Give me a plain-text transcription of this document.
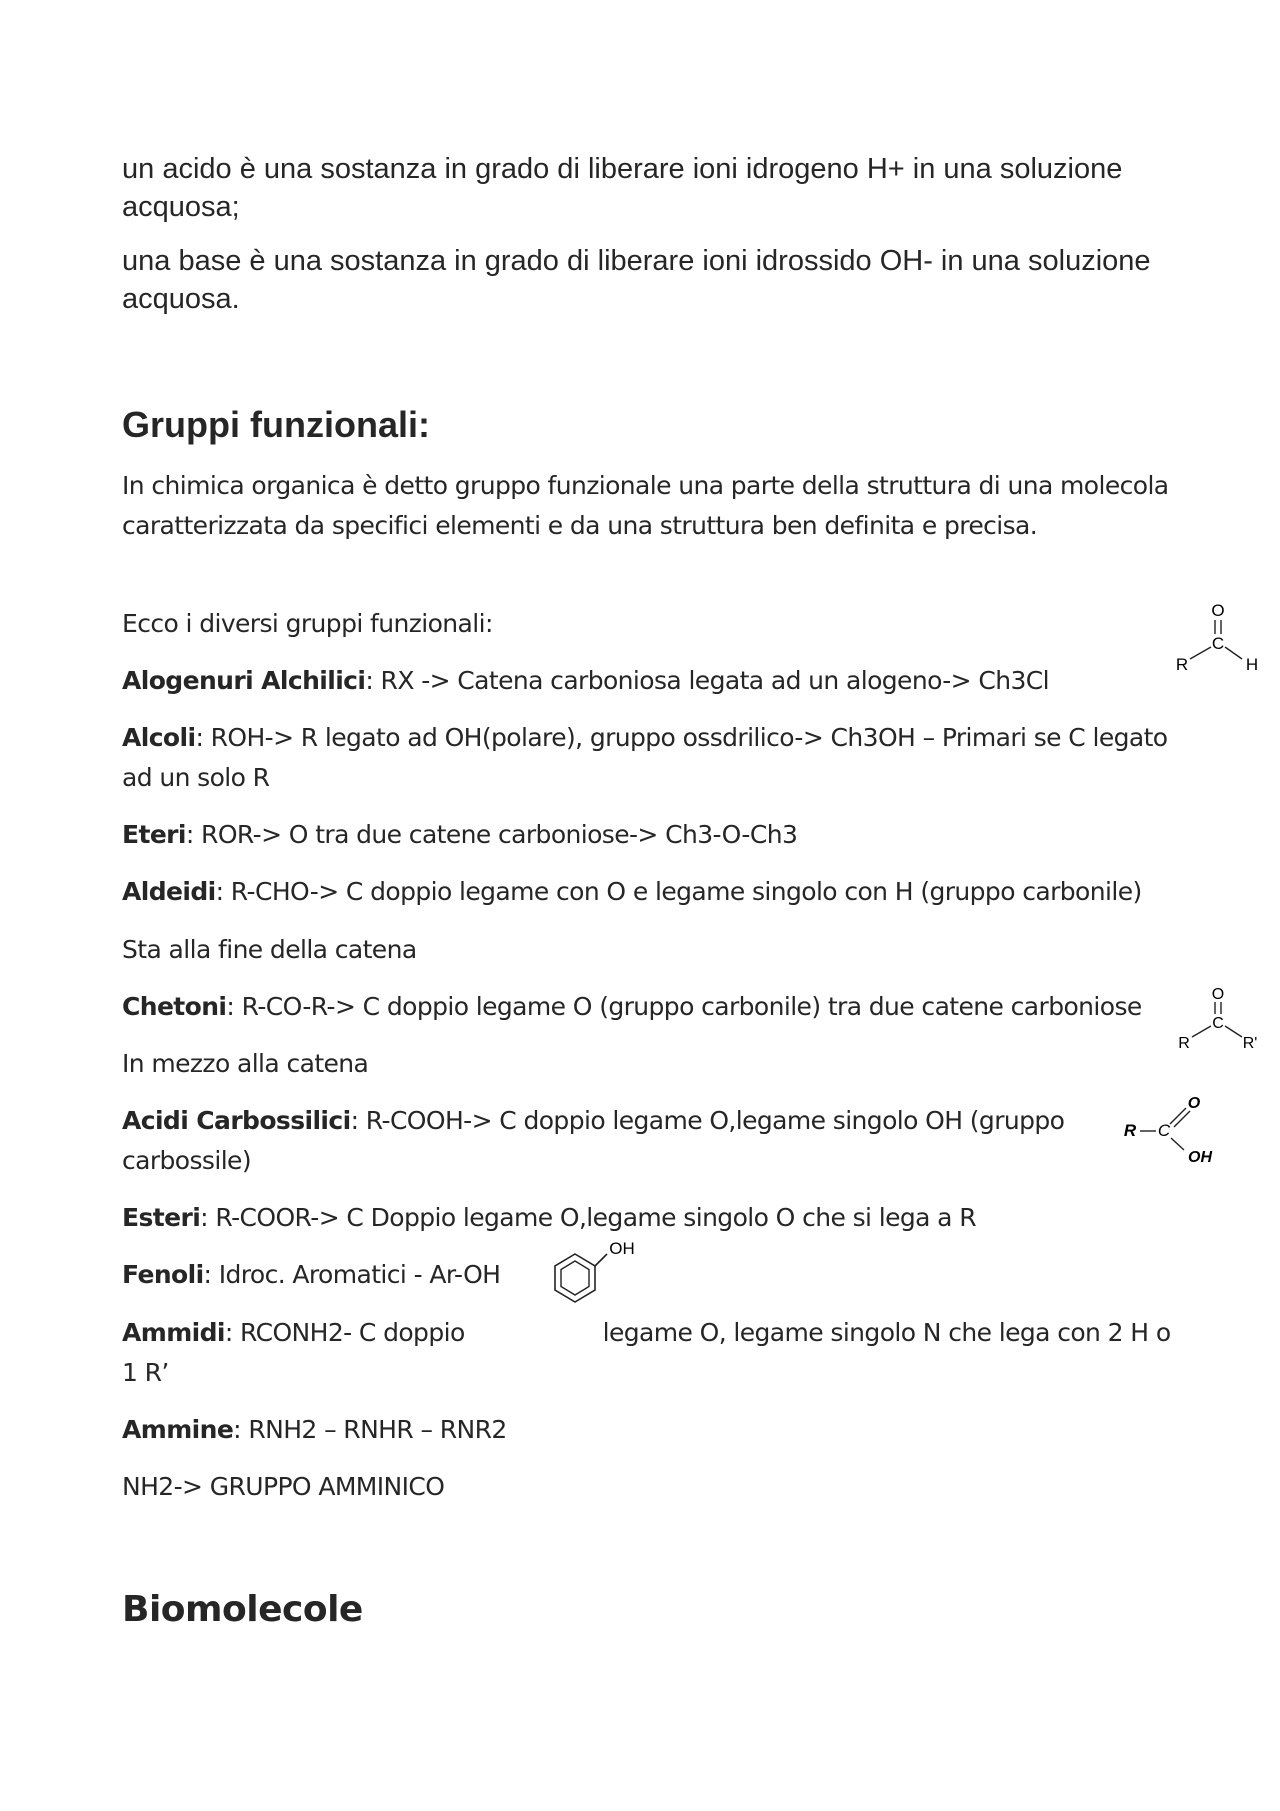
un acido è una sostanza in grado di liberare ioni idrogeno H+ in una soluzione acquosa;

una base è una sostanza in grado di liberare ioni idrossido OH- in una soluzione acquosa.

Gruppi funzionali:

In chimica organica è detto gruppo funzionale una parte della struttura di una molecola caratterizzata da specifici elementi e da una struttura ben definita e precisa.

Ecco i diversi gruppi funzionali:

Alogenuri Alchilici: RX -> Catena carboniosa legata ad un alogeno-> Ch3Cl

Alcoli: ROH-> R legato ad OH(polare), gruppo ossdrilico-> Ch3OH – Primari se C legato ad un solo R

Eteri: ROR-> O tra due catene carboniose-> Ch3-O-Ch3

Aldeidi: R-CHO-> C doppio legame con O e legame singolo con H (gruppo carbonile)

Sta alla fine della catena

Chetoni: R-CO-R-> C doppio legame O (gruppo carbonile) tra due catene carboniose

In mezzo alla catena

Acidi Carbossilici: R-COOH-> C doppio legame O,legame singolo OH (gruppo carbossile)

Esteri: R-COOR-> C Doppio legame O,legame singolo O che si lega a R

Fenoli: Idroc. Aromatici - Ar-OH

Ammidi: RCONH2- C doppio	legame O, legame singolo N che lega con 2 H o 1 R’

Ammine: RNH2 – RNHR – RNR2

NH2-> GRUPPO AMMINICO

Biomolecole
O
C
R	H
O
C
R	R'
R C
O
OH
OH
